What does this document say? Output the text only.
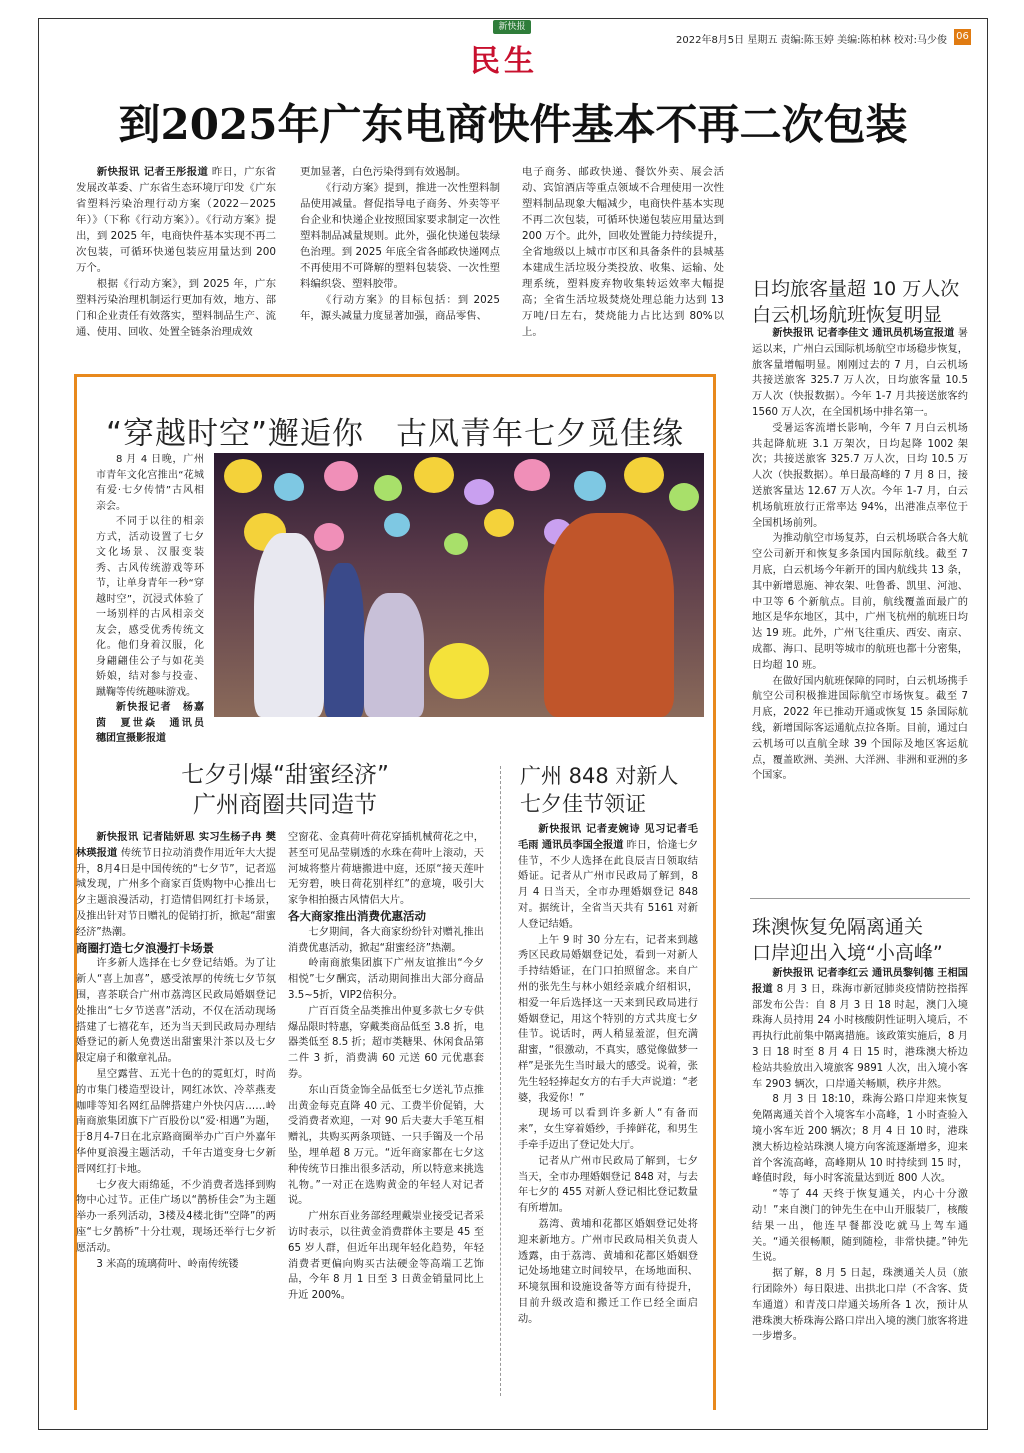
新快报
民生
2022年8月5日 星期五 责编:陈玉婷 美编:陈柏林 校对:马少俊 06
到2025年广东电商快件基本不再二次包装

新快报讯 记者王彤报道 昨日，广东省发展改革委、广东省生态环境厅印发《广东省塑料污染治理行动方案（2022－2025 年）》（下称《行动方案》）。《行动方案》提出，到 2025 年，电商快件基本实现不再二次包装，可循环快递包装应用量达到 200 万个。

根据《行动方案》，到 2025 年，广东塑料污染治理机制运行更加有效，地方、部门和企业责任有效落实，塑料制品生产、流通、使用、回收、处置全链条治理成效

更加显著，白色污染得到有效遏制。

《行动方案》提到，推进一次性塑料制品使用减量。督促指导电子商务、外卖等平台企业和快递企业按照国家要求制定一次性塑料制品减量规则。此外，强化快递包装绿色治理。到 2025 年底全省各邮政快递网点不再使用不可降解的塑料包装袋、一次性塑料编织袋、塑料胶带。

《行动方案》的目标包括：到 2025 年，源头减量力度显著加强，商品零售、

电子商务、邮政快递、餐饮外卖、展会活动、宾馆酒店等重点领域不合理使用一次性塑料制品现象大幅减少，电商快件基本实现不再二次包装，可循环快递包装应用量达到 200 万个。此外，回收处置能力持续提升，全省地级以上城市市区和具备条件的县城基本建成生活垃圾分类投放、收集、运输、处理系统，塑料废弃物收集转运效率大幅提高；全省生活垃圾焚烧处理总能力达到 13 万吨/日左右，焚烧能力占比达到 80%以上。

“穿越时空”邂逅你　古风青年七夕觅佳缘

8 月 4 日晚，广州市青年文化宫推出“花城有爱·七夕传情”古风相亲会。

不同于以往的相亲方式，活动设置了七夕文化场景、汉服变装秀、古风传统游戏等环节，让单身青年一秒“穿越时空”，沉浸式体验了一场别样的古风相亲交友会，感受优秀传统文化。他们身着汉服，化身翩翩佳公子与如花美娇娘，结对参与投壶、蹴鞠等传统趣味游戏。

新快报记者　杨嘉茵　夏世焱　通讯员　穗团宣摄影报道

七夕引爆“甜蜜经济”
广州商圈共同造节

新快报讯 记者陆妍思 实习生杨子冉 樊林瑛报道 传统节日拉动消费作用近年大大提升，8月4日是中国传统的“七夕节”，记者巡城发现，广州多个商家百货购物中心推出七夕主题浪漫活动，打造情侣网红打卡场景，及推出针对节日赠礼的促销打折，掀起“甜蜜经济”热潮。

商圈打造七夕浪漫打卡场景

许多新人选择在七夕登记结婚。为了让新人“喜上加喜”，感受浓厚的传统七夕节氛围，喜茶联合广州市荔湾区民政局婚姻登记处推出“七夕节送喜”活动，不仅在活动现场搭建了七禧花车，还为当天到民政局办理结婚登记的新人免费送出甜蜜果汁茶以及七夕限定扇子和徽章礼品。

星空露营、五光十色的的霓虹灯，时尚的市集门楼造型设计，网红冰饮、冷萃燕麦咖啡等知名网红品牌搭建户外快闪店……岭南商旅集团旗下广百股份以“爱·相遇”为题，于8月4-7日在北京路商圈举办广百户外嘉年华仲夏浪漫主题活动，千年古道变身七夕新晋网红打卡地。

七夕夜大雨绵延，不少消费者选择到购物中心过节。正佳广场以“鹊桥佳会”为主题举办一系列活动，3楼及4楼北街“空降”的两座“七夕鹊桥”十分壮观，现场还举行七夕祈愿活动。

3 米高的琉璃荷叶、岭南传统镂

空窗花、金真荷叶荷花穿插机械荷花之中，甚至可见品莹剔透的水珠在荷叶上滚动，天河城将整片荷塘搬进中庭，还原“接天莲叶无穷碧，映日荷花别样红”的意境，吸引大家争相拍摄古风情侣大片。

各大商家推出消费优惠活动

七夕期间，各大商家纷纷针对赠礼推出消费优惠活动，掀起“甜蜜经济”热潮。

岭南商旅集团旗下广州友谊推出“今夕相悦”七夕酬宾，活动期间推出大部分商品 3.5~5折，VIP2倍积分。

广百百货全品类推出仲夏多款七夕专供爆品限时特惠，穿戴类商品低至 3.8 折，电器类低至 8.5 折；超市类糖果、休闲食品第二件 3 折，消费满 60 元送 60 元优惠套券。

东山百货金饰全品低至七夕送礼节点推出黄金每克直降 40 元、工费半价促销，大受消费者欢迎，一对 90 后夫妻大手笔互相赠礼，共购买两条项链、一只手镯及一个吊坠，埋单超 8 万元。“近年商家都在七夕这种传统节日推出很多活动，所以特意来挑选礼物。”一对正在选购黄金的年轻人对记者说。

广州东百业务部经理戴崇业接受记者采访时表示，以往黄金消费群体主要是 45 至 65 岁人群，但近年出现年轻化趋势，年轻消费者更偏向购买古法硬金等高端工艺饰品，今年 8 月 1 日至 3 日黄金销量同比上升近 200%。

广州 848 对新人
七夕佳节领证

新快报讯 记者麦婉诗 见习记者毛毛雨 通讯员李国全报道 昨日，恰逢七夕佳节，不少人选择在此良辰吉日领取结婚证。记者从广州市民政局了解到，8 月 4 日当天，全市办理婚姻登记 848 对。据统计，全省当天共有 5161 对新人登记结婚。

上午 9 时 30 分左右，记者来到越秀区民政局婚姻登记处，看到一对新人手持结婚证，在门口拍照留念。来自广州的张先生与林小姐经亲戚介绍相识，相爱一年后选择这一天来到民政局进行婚姻登记，用这个特别的方式共度七夕佳节。说话时，两人稍显羞涩，但充满甜蜜，“很激动，不真实，感觉像做梦一样”是张先生当时最大的感受。说着，张先生轻轻捧起女方的右手大声说道：“老婆，我爱你！”

现场可以看到许多新人“有备而来”，女生穿着婚纱，手捧鲜花，和男生手牵手迈出了登记处大厅。

记者从广州市民政局了解到，七夕当天，全市办理婚姻登记 848 对，与去年七夕的 455 对新人登记相比登记数量有所增加。

荔湾、黄埔和花都区婚姻登记处将迎来新地方。广州市民政局相关负责人透露，由于荔湾、黄埔和花都区婚姻登记处场地建立时间较早，在场地面积、环境氛围和设施设备等方面有待提升，目前升级改造和搬迁工作已经全面启动。

日均旅客量超 10 万人次
白云机场航班恢复明显

新快报讯 记者李佳文 通讯员机场宣报道 暑运以来，广州白云国际机场航空市场稳步恢复，旅客量增幅明显。刚刚过去的 7 月，白云机场共接送旅客 325.7 万人次，日均旅客量 10.5 万人次（快报数据）。今年 1-7 月共接送旅客约 1560 万人次，在全国机场中排名第一。

受暑运客流增长影响，今年 7 月白云机场共起降航班 3.1 万架次，日均起降 1002 架次；共接送旅客 325.7 万人次，日均 10.5 万人次（快报数据）。单日最高峰的 7 月 8 日，接送旅客量达 12.67 万人次。今年 1-7 月，白云机场航班放行正常率达 94%，出港准点率位于全国机场前列。

为推动航空市场复苏，白云机场联合各大航空公司新开和恢复多条国内国际航线。截至 7 月底，白云机场今年新开的国内航线共 13 条，其中新增恩施、神农架、吐鲁番、凯里、河池、中卫等 6 个新航点。目前，航线覆盖面最广的地区是华东地区，其中，广州飞杭州的航班日均达 19 班。此外，广州飞往重庆、西安、南京、成都、海口、昆明等城市的航班也都十分密集，日均超 10 班。

在做好国内航班保障的同时，白云机场携手航空公司积极推进国际航空市场恢复。截至 7 月底，2022 年已推动开通或恢复 15 条国际航线，新增国际客运通航点拉各斯。目前，通过白云机场可以直航全球 39 个国际及地区客运航点，覆盖欧洲、美洲、大洋洲、非洲和亚洲的多个国家。

珠澳恢复免隔离通关
口岸迎出入境“小高峰”

新快报讯 记者李红云 通讯员黎钊德 王相国报道 8 月 3 日，珠海市新冠肺炎疫情防控指挥部发布公告：自 8 月 3 日 18 时起，澳门入境珠海人员持用 24 小时核酸阴性证明入境后，不再执行此前集中隔离措施。该政策实施后，8 月 3 日 18 时至 8 月 4 日 15 时，港珠澳大桥边检站共验放出入境旅客 9891 人次，出入境小客车 2903 辆次，口岸通关畅顺，秩序井然。

8 月 3 日 18:10，珠海公路口岸迎来恢复免隔离通关首个入境客车小高峰，1 小时查验入境小客车近 200 辆次；8 月 4 日 10 时，港珠澳大桥边检站珠澳人境方向客流逐渐增多，迎来首个客流高峰，高峰期从 10 时持续到 15 时，峰值时段，每小时客流量达到近 800 人次。

“等了 44 天终于恢复通关，内心十分激动！”来自澳门的钟先生在中山开服装厂，核酸结果一出，他连早餐都没吃就马上驾车通关。“通关很畅顺，随到随检，非常快捷。”钟先生说。

据了解，8 月 5 日起，珠澳通关人员（旅行团除外）每日限进、出拱北口岸（不含客、货车通道）和青茂口岸通关场所各 1 次，预计从港珠澳大桥珠海公路口岸出入境的澳门旅客将进一步增多。
